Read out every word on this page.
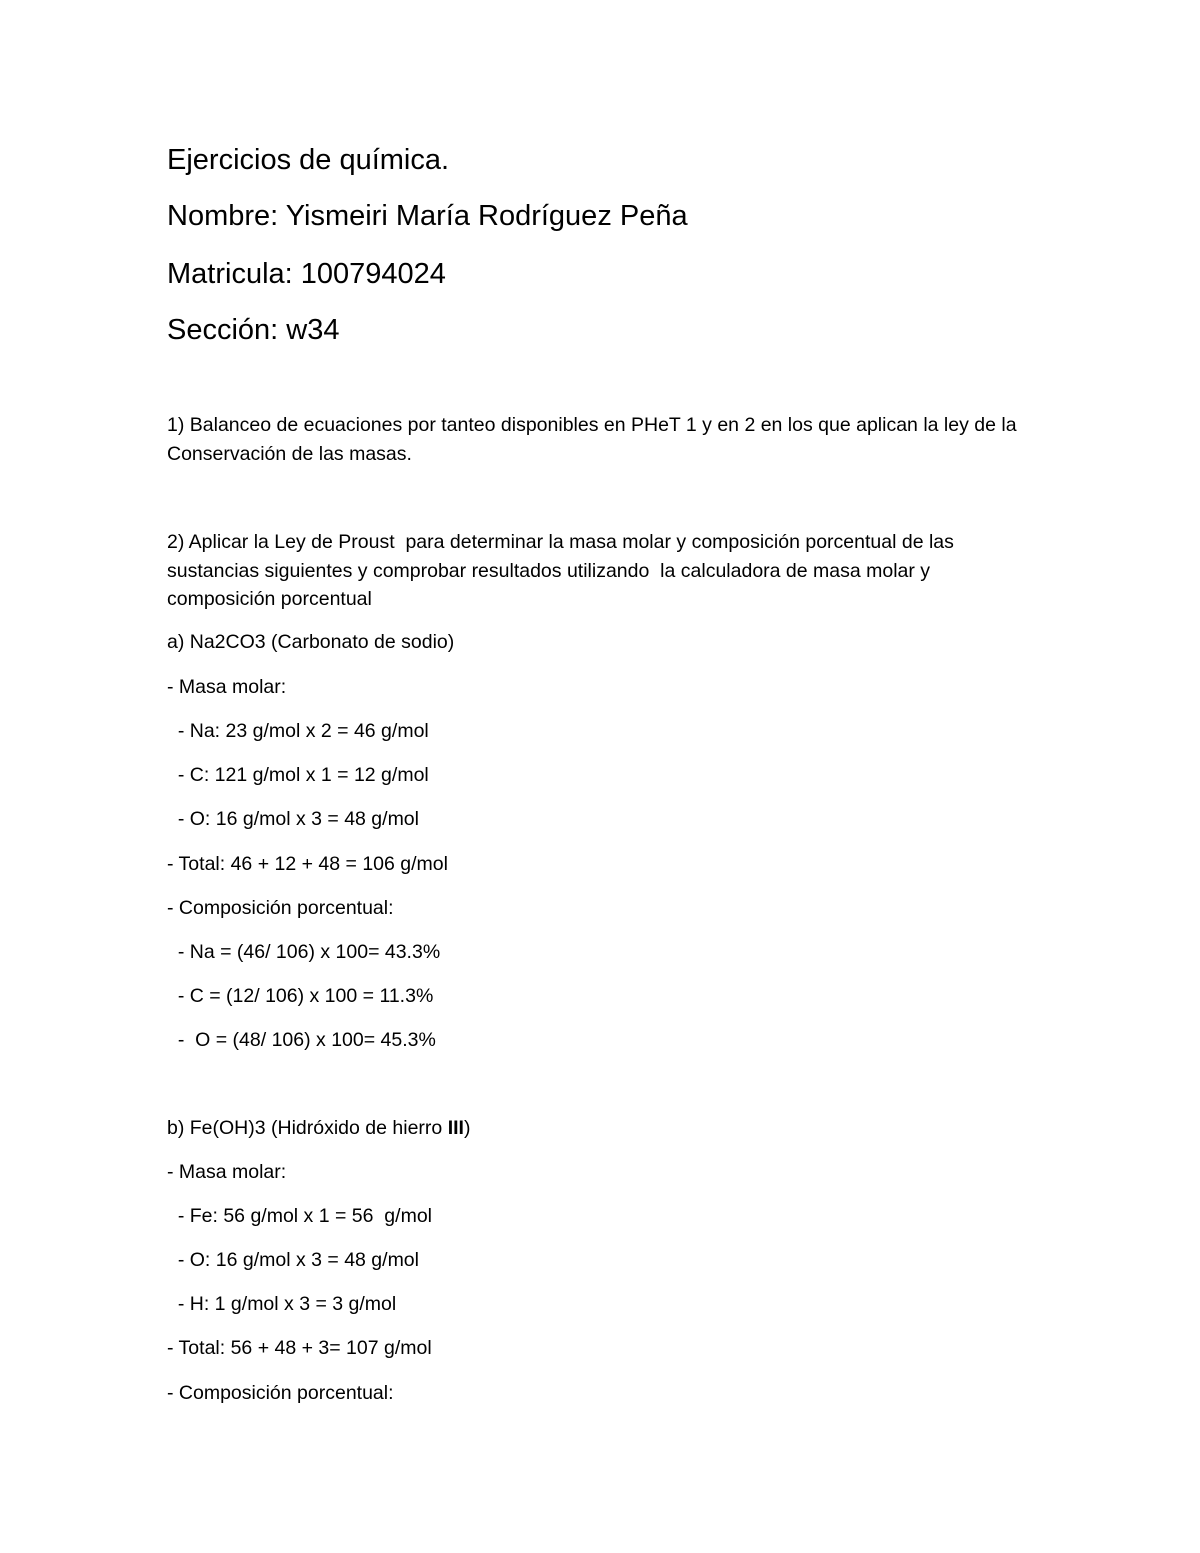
Ejercicios de química.
Nombre: Yismeiri María Rodríguez Peña
Matricula: 100794024
Sección: w34
1) Balanceo de ecuaciones por tanteo disponibles en PHeT 1 y en 2 en los que aplican la ley de la
Conservación de las masas.
2) Aplicar la Ley de Proust  para determinar la masa molar y composición porcentual de las
sustancias siguientes y comprobar resultados utilizando  la calculadora de masa molar y
composición porcentual
a) Na2CO3 (Carbonato de sodio)
- Masa molar:
- Na: 23 g/mol x 2 = 46 g/mol
- C: 121 g/mol x 1 = 12 g/mol
- O: 16 g/mol x 3 = 48 g/mol
- Total: 46 + 12 + 48 = 106 g/mol
- Composición porcentual:
- Na = (46/ 106) x 100= 43.3%
- C = (12/ 106) x 100 = 11.3%
-  O = (48/ 106) x 100= 45.3%
b) Fe(OH)3 (Hidróxido de hierro III)
- Masa molar:
- Fe: 56 g/mol x 1 = 56  g/mol
- O: 16 g/mol x 3 = 48 g/mol
- H: 1 g/mol x 3 = 3 g/mol
- Total: 56 + 48 + 3= 107 g/mol
- Composición porcentual:
